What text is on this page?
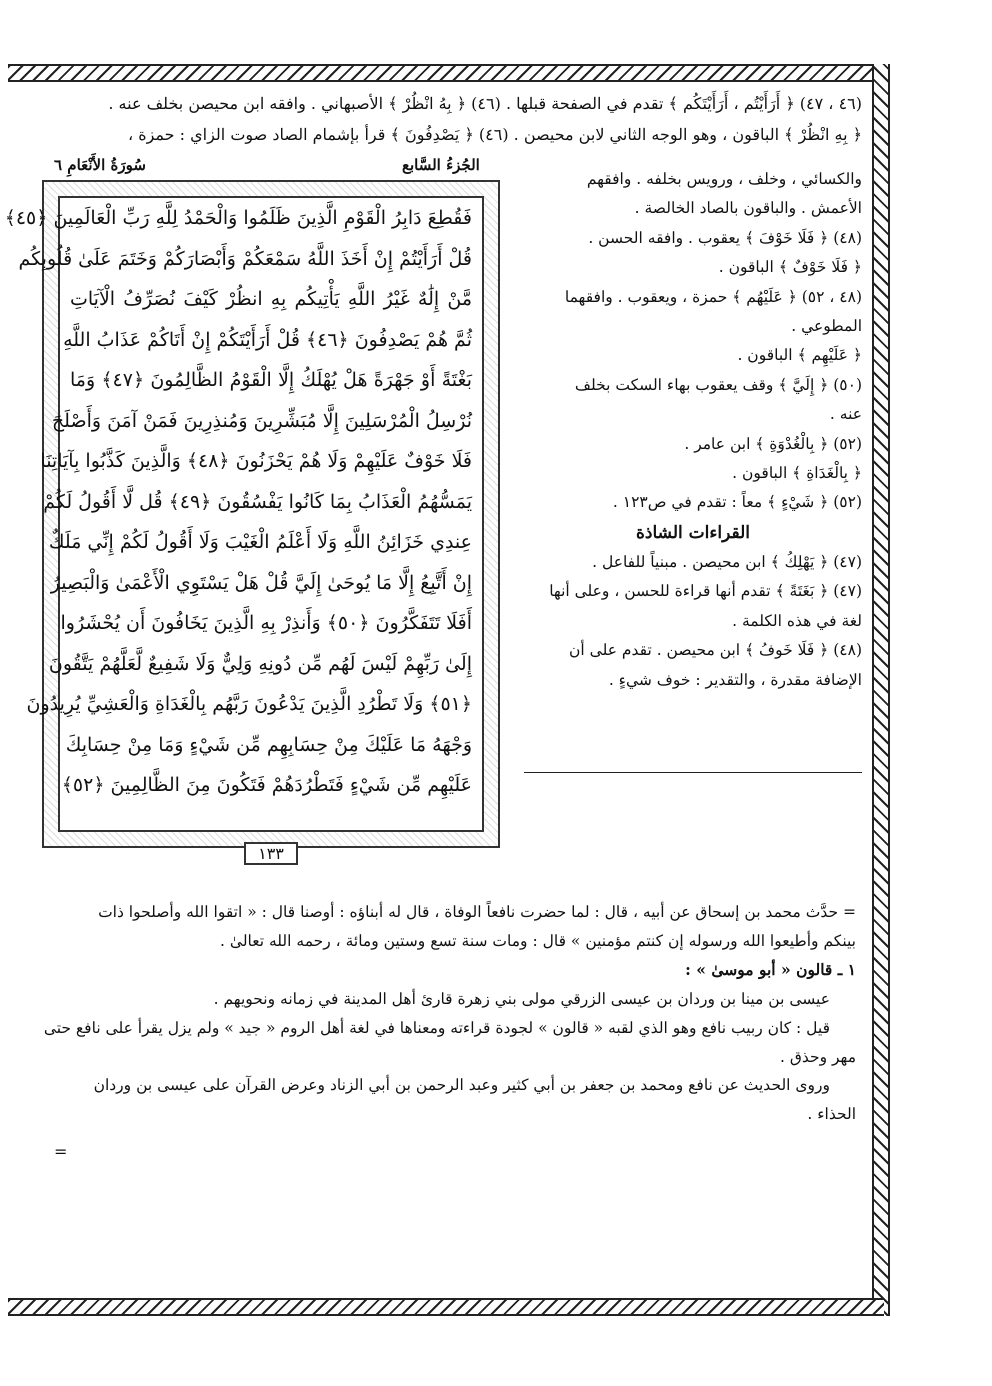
(٤٦ ، ٤٧) ﴿ أَرَأَيْتُم ، أَرَأَيْتَكُم ﴾ تقدم في الصفحة قبلها . (٤٦) ﴿ بِهُ انْظُرْ ﴾ الأصبهاني . وافقه ابن محيصن بخلف عنه .
﴿ بِهِ انْظُرْ ﴾ الباقون ، وهو الوجه الثاني لابن محيصن . (٤٦) ﴿ يَصْدِفُونَ ﴾ قرأ بإشمام الصاد صوت الزاي : حمزة ،
سُورَةُ الأَنْعَامِ ٦	الجُزءُ السَّابع
فَقُطِعَ دَابِرُ الْقَوْمِ الَّذِينَ ظَلَمُوا وَالْحَمْدُ لِلَّهِ رَبِّ الْعَالَمِينَ ﴿٤٥﴾
قُلْ أَرَأَيْتُمْ إِنْ أَخَذَ اللَّهُ سَمْعَكُمْ وَأَبْصَارَكُمْ وَخَتَمَ عَلَىٰ قُلُوبِكُم
مَّنْ إِلَٰهٌ غَيْرُ اللَّهِ يَأْتِيكُم بِهِ انظُرْ كَيْفَ نُصَرِّفُ الْآيَاتِ
ثُمَّ هُمْ يَصْدِفُونَ ﴿٤٦﴾ قُلْ أَرَأَيْتَكُمْ إِنْ أَتَاكُمْ عَذَابُ اللَّهِ
بَغْتَةً أَوْ جَهْرَةً هَلْ يُهْلَكُ إِلَّا الْقَوْمُ الظَّالِمُونَ ﴿٤٧﴾ وَمَا
نُرْسِلُ الْمُرْسَلِينَ إِلَّا مُبَشِّرِينَ وَمُنذِرِينَ فَمَنْ آمَنَ وَأَصْلَحَ
فَلَا خَوْفٌ عَلَيْهِمْ وَلَا هُمْ يَحْزَنُونَ ﴿٤٨﴾ وَالَّذِينَ كَذَّبُوا بِآيَاتِنَا
يَمَسُّهُمُ الْعَذَابُ بِمَا كَانُوا يَفْسُقُونَ ﴿٤٩﴾ قُل لَّا أَقُولُ لَكُمْ
عِندِي خَزَائِنُ اللَّهِ وَلَا أَعْلَمُ الْغَيْبَ وَلَا أَقُولُ لَكُمْ إِنِّي مَلَكٌ
إِنْ أَتَّبِعُ إِلَّا مَا يُوحَىٰ إِلَيَّ قُلْ هَلْ يَسْتَوِي الْأَعْمَىٰ وَالْبَصِيرُ
أَفَلَا تَتَفَكَّرُونَ ﴿٥٠﴾ وَأَنذِرْ بِهِ الَّذِينَ يَخَافُونَ أَن يُحْشَرُوا
إِلَىٰ رَبِّهِمْ لَيْسَ لَهُم مِّن دُونِهِ وَلِيٌّ وَلَا شَفِيعٌ لَّعَلَّهُمْ يَتَّقُونَ
﴿٥١﴾ وَلَا تَطْرُدِ الَّذِينَ يَدْعُونَ رَبَّهُم بِالْغَدَاةِ وَالْعَشِيِّ يُرِيدُونَ
وَجْهَهُ مَا عَلَيْكَ مِنْ حِسَابِهِم مِّن شَيْءٍ وَمَا مِنْ حِسَابِكَ
عَلَيْهِم مِّن شَيْءٍ فَتَطْرُدَهُمْ فَتَكُونَ مِنَ الظَّالِمِينَ ﴿٥٢﴾
١٣٣
والكسائي ، وخلف ، ورويس بخلفه . وافقهم
الأعمش . والباقون بالصاد الخالصة .
(٤٨) ﴿ فَلَا خَوْفَ ﴾ يعقوب . وافقه الحسن .
﴿ فَلَا خَوْفٌ ﴾ الباقون .
(٤٨ ، ٥٢) ﴿ عَلَيْهُم ﴾ حمزة ، ويعقوب . وافقهما
المطوعي .
﴿ عَلَيْهِم ﴾ الباقون .
(٥٠) ﴿ إِلَيَّ ﴾ وقف يعقوب بهاء السكت بخلف
عنه .
(٥٢) ﴿ بِالْغُدْوَةِ ﴾ ابن عامر .
﴿ بِالْغَدَاةِ ﴾ الباقون .
(٥٢) ﴿ شَيْءٍ ﴾ معاً : تقدم في ص١٢٣ .
القراءات الشاذة
(٤٧) ﴿ يَهْلِكُ ﴾ ابن محيصن . مبنياً للفاعل .
(٤٧) ﴿ بَغَتَةً ﴾ تقدم أنها قراءة للحسن ، وعلى أنها
لغة في هذه الكلمة .
(٤٨) ﴿ فَلَا خَوفُ ﴾ ابن محيصن . تقدم على أن
الإضافة مقدرة ، والتقدير : خوف شيءٍ .
= حدَّث محمد بن إسحاق عن أبيه ، قال : لما حضرت نافعاً الوفاة ، قال له أبناؤه : أوصنا قال : « اتقوا الله وأصلحوا ذات
بينكم وأطيعوا الله ورسوله إن كنتم مؤمنين » قال : ومات سنة تسع وستين ومائة ، رحمه الله تعالىٰ .
١ ـ قالون « أبو موسىٰ » :
عيسى بن مينا بن وردان بن عيسى الزرقي مولى بني زهرة قارئ أهل المدينة في زمانه ونحويهم .
قيل : كان ربيب نافع وهو الذي لقبه « قالون » لجودة قراءته ومعناها في لغة أهل الروم « جيد » ولم يزل يقرأ على نافع حتى
مهر وحذق .
وروى الحديث عن نافع ومحمد بن جعفر بن أبي كثير وعبد الرحمن بن أبي الزناد وعرض القرآن على عيسى بن وردان
الحذاء .
=
